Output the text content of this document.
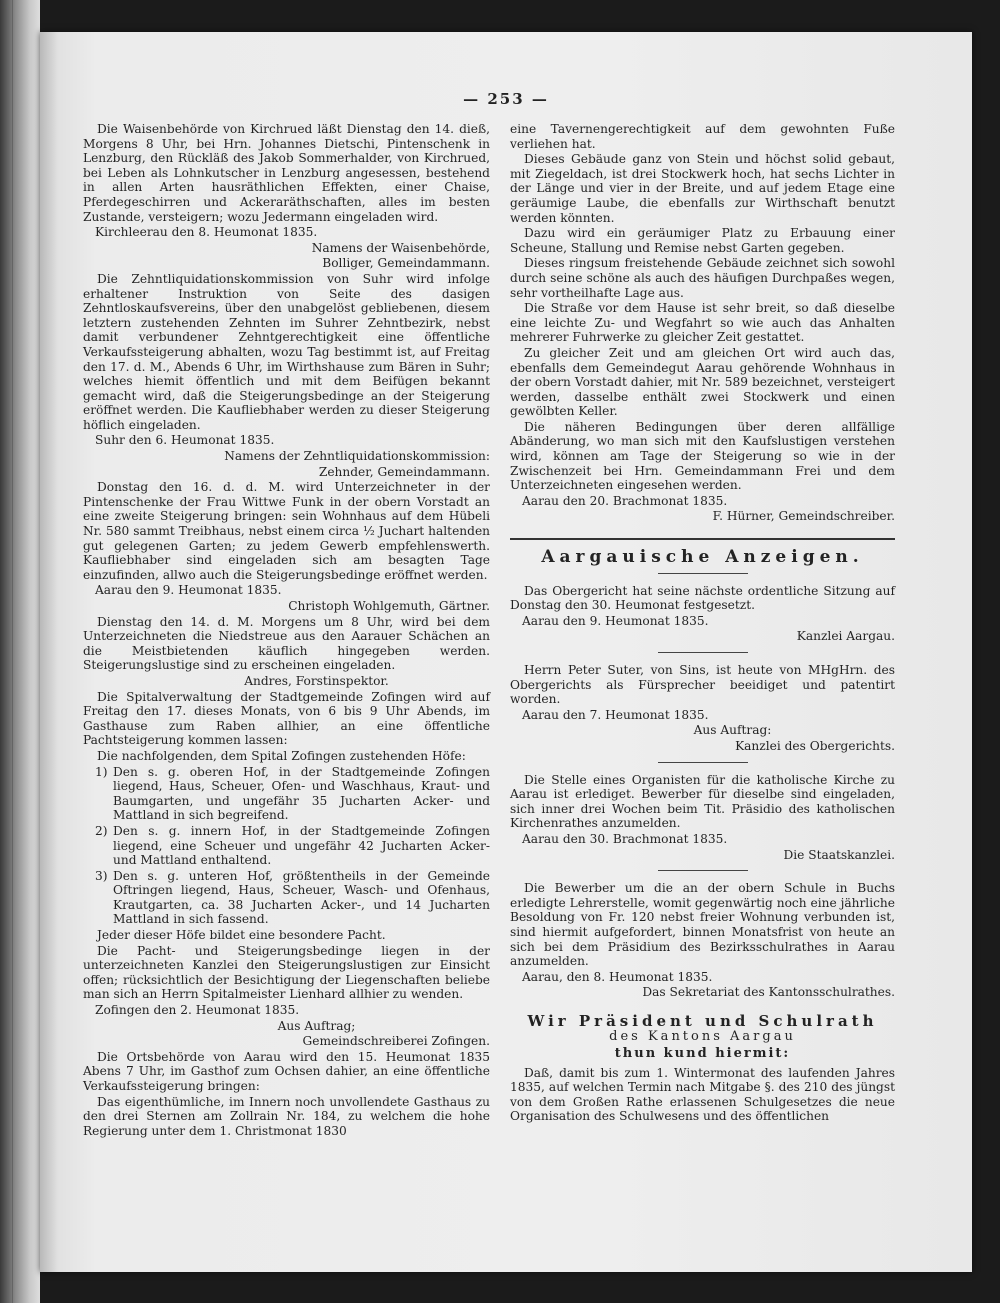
— 253 —

Die Waisenbehörde von Kirchrued läßt Dienstag den 14. dieß, Morgens 8 Uhr, bei Hrn. Johannes Dietschi, Pintenschenk in Lenzburg, den Rückläß des Jakob Sommerhalder, von Kirchrued, bei Leben als Lohnkutscher in Lenzburg angesessen, bestehend in allen Arten hausräthlichen Effekten, einer Chaise, Pferdegeschirren und Ackeraräthschaften, alles im besten Zustande, versteigern; wozu Jedermann eingeladen wird.

Kirchleerau den 8. Heumonat 1835.

Namens der Waisenbehörde,

Bolliger, Gemeindammann.

Die Zehntliquidationskommission von Suhr wird infolge erhaltener Instruktion von Seite des dasigen Zehntloskaufsvereins, über den unabgelöst gebliebenen, diesem letztern zustehenden Zehnten im Suhrer Zehntbezirk, nebst damit verbundener Zehntgerechtigkeit eine öffentliche Verkaufssteigerung abhalten, wozu Tag bestimmt ist, auf Freitag den 17. d. M., Abends 6 Uhr, im Wirthshause zum Bären in Suhr; welches hiemit öffentlich und mit dem Beifügen bekannt gemacht wird, daß die Steigerungsbedinge an der Steigerung eröffnet werden. Die Kaufliebhaber werden zu dieser Steigerung höflich eingeladen.

Suhr den 6. Heumonat 1835.

Namens der Zehntliquidationskommission:

Zehnder, Gemeindammann.

Donstag den 16. d. d. M. wird Unterzeichneter in der Pintenschenke der Frau Wittwe Funk in der obern Vorstadt an eine zweite Steigerung bringen: sein Wohnhaus auf dem Hübeli Nr. 580 sammt Treibhaus, nebst einem circa ½ Juchart haltenden gut gelegenen Garten; zu jedem Gewerb empfehlenswerth. Kaufliebhaber sind eingeladen sich am besagten Tage einzufinden, allwo auch die Steigerungsbedinge eröffnet werden.

Aarau den 9. Heumonat 1835.

Christoph Wohlgemuth, Gärtner.

Dienstag den 14. d. M. Morgens um 8 Uhr, wird bei dem Unterzeichneten die Niedstreue aus den Aarauer Schächen an die Meistbietenden käuflich hingegeben werden. Steigerungslustige sind zu erscheinen eingeladen.

Andres, Forstinspektor.

Die Spitalverwaltung der Stadtgemeinde Zofingen wird auf Freitag den 17. dieses Monats, von 6 bis 9 Uhr Abends, im Gasthause zum Raben allhier, an eine öffentliche Pachtsteigerung kommen lassen:

Die nachfolgenden, dem Spital Zofingen zustehenden Höfe:

1) Den s. g. oberen Hof, in der Stadtgemeinde Zofingen liegend, Haus, Scheuer, Ofen- und Waschhaus, Kraut- und Baumgarten, und ungefähr 35 Jucharten Acker- und Mattland in sich begreifend.
2) Den s. g. innern Hof, in der Stadtgemeinde Zofingen liegend, eine Scheuer und ungefähr 42 Jucharten Acker- und Mattland enthaltend.
3) Den s. g. unteren Hof, größtentheils in der Gemeinde Oftringen liegend, Haus, Scheuer, Wasch- und Ofenhaus, Krautgarten, ca. 38 Jucharten Acker-, und 14 Jucharten Mattland in sich fassend.

Jeder dieser Höfe bildet eine besondere Pacht.

Die Pacht- und Steigerungsbedinge liegen in der unterzeichneten Kanzlei den Steigerungslustigen zur Einsicht offen; rücksichtlich der Besichtigung der Liegenschaften beliebe man sich an Herrn Spitalmeister Lienhard allhier zu wenden.

Zofingen den 2. Heumonat 1835.

Aus Auftrag;

Gemeindschreiberei Zofingen.

Die Ortsbehörde von Aarau wird den 15. Heumonat 1835 Abens 7 Uhr, im Gasthof zum Ochsen dahier, an eine öffentliche Verkaufssteigerung bringen:

Das eigenthümliche, im Innern noch unvollendete Gasthaus zu den drei Sternen am Zollrain Nr. 184, zu welchem die hohe Regierung unter dem 1. Christmonat 1830

eine Tavernengerechtigkeit auf dem gewohnten Fuße verliehen hat.

Dieses Gebäude ganz von Stein und höchst solid gebaut, mit Ziegeldach, ist drei Stockwerk hoch, hat sechs Lichter in der Länge und vier in der Breite, und auf jedem Etage eine geräumige Laube, die ebenfalls zur Wirthschaft benutzt werden könnten.

Dazu wird ein geräumiger Platz zu Erbauung einer Scheune, Stallung und Remise nebst Garten gegeben.

Dieses ringsum freistehende Gebäude zeichnet sich sowohl durch seine schöne als auch des häufigen Durchpaßes wegen, sehr vortheilhafte Lage aus.

Die Straße vor dem Hause ist sehr breit, so daß dieselbe eine leichte Zu- und Wegfahrt so wie auch das Anhalten mehrerer Fuhrwerke zu gleicher Zeit gestattet.

Zu gleicher Zeit und am gleichen Ort wird auch das, ebenfalls dem Gemeindegut Aarau gehörende Wohnhaus in der obern Vorstadt dahier, mit Nr. 589 bezeichnet, versteigert werden, dasselbe enthält zwei Stockwerk und einen gewölbten Keller.

Die näheren Bedingungen über deren allfällige Abänderung, wo man sich mit den Kaufslustigen verstehen wird, können am Tage der Steigerung so wie in der Zwischenzeit bei Hrn. Gemeindammann Frei und dem Unterzeichneten eingesehen werden.

Aarau den 20. Brachmonat 1835.

F. Hürner, Gemeindschreiber.

Aargauische Anzeigen.

Das Obergericht hat seine nächste ordentliche Sitzung auf Donstag den 30. Heumonat festgesetzt.

Aarau den 9. Heumonat 1835.

Kanzlei Aargau.

Herrn Peter Suter, von Sins, ist heute von MHgHrn. des Obergerichts als Fürsprecher beeidiget und patentirt worden.

Aarau den 7. Heumonat 1835.

Aus Auftrag:

Kanzlei des Obergerichts.

Die Stelle eines Organisten für die katholische Kirche zu Aarau ist erlediget. Bewerber für dieselbe sind eingeladen, sich inner drei Wochen beim Tit. Präsidio des katholischen Kirchenrathes anzumelden.

Aarau den 30. Brachmonat 1835.

Die Staatskanzlei.

Die Bewerber um die an der obern Schule in Buchs erledigte Lehrerstelle, womit gegenwärtig noch eine jährliche Besoldung von Fr. 120 nebst freier Wohnung verbunden ist, sind hiermit aufgefordert, binnen Monatsfrist von heute an sich bei dem Präsidium des Bezirksschulrathes in Aarau anzumelden.

Aarau, den 8. Heumonat 1835.

Das Sekretariat des Kantonsschulrathes.

Wir Präsident und Schulrath
des Kantons Aargau
thun kund hiermit:

Daß, damit bis zum 1. Wintermonat des laufenden Jahres 1835, auf welchen Termin nach Mitgabe §. des 210 des jüngst von dem Großen Rathe erlassenen Schulgesetzes die neue Organisation des Schulwesens und des öffentlichen
